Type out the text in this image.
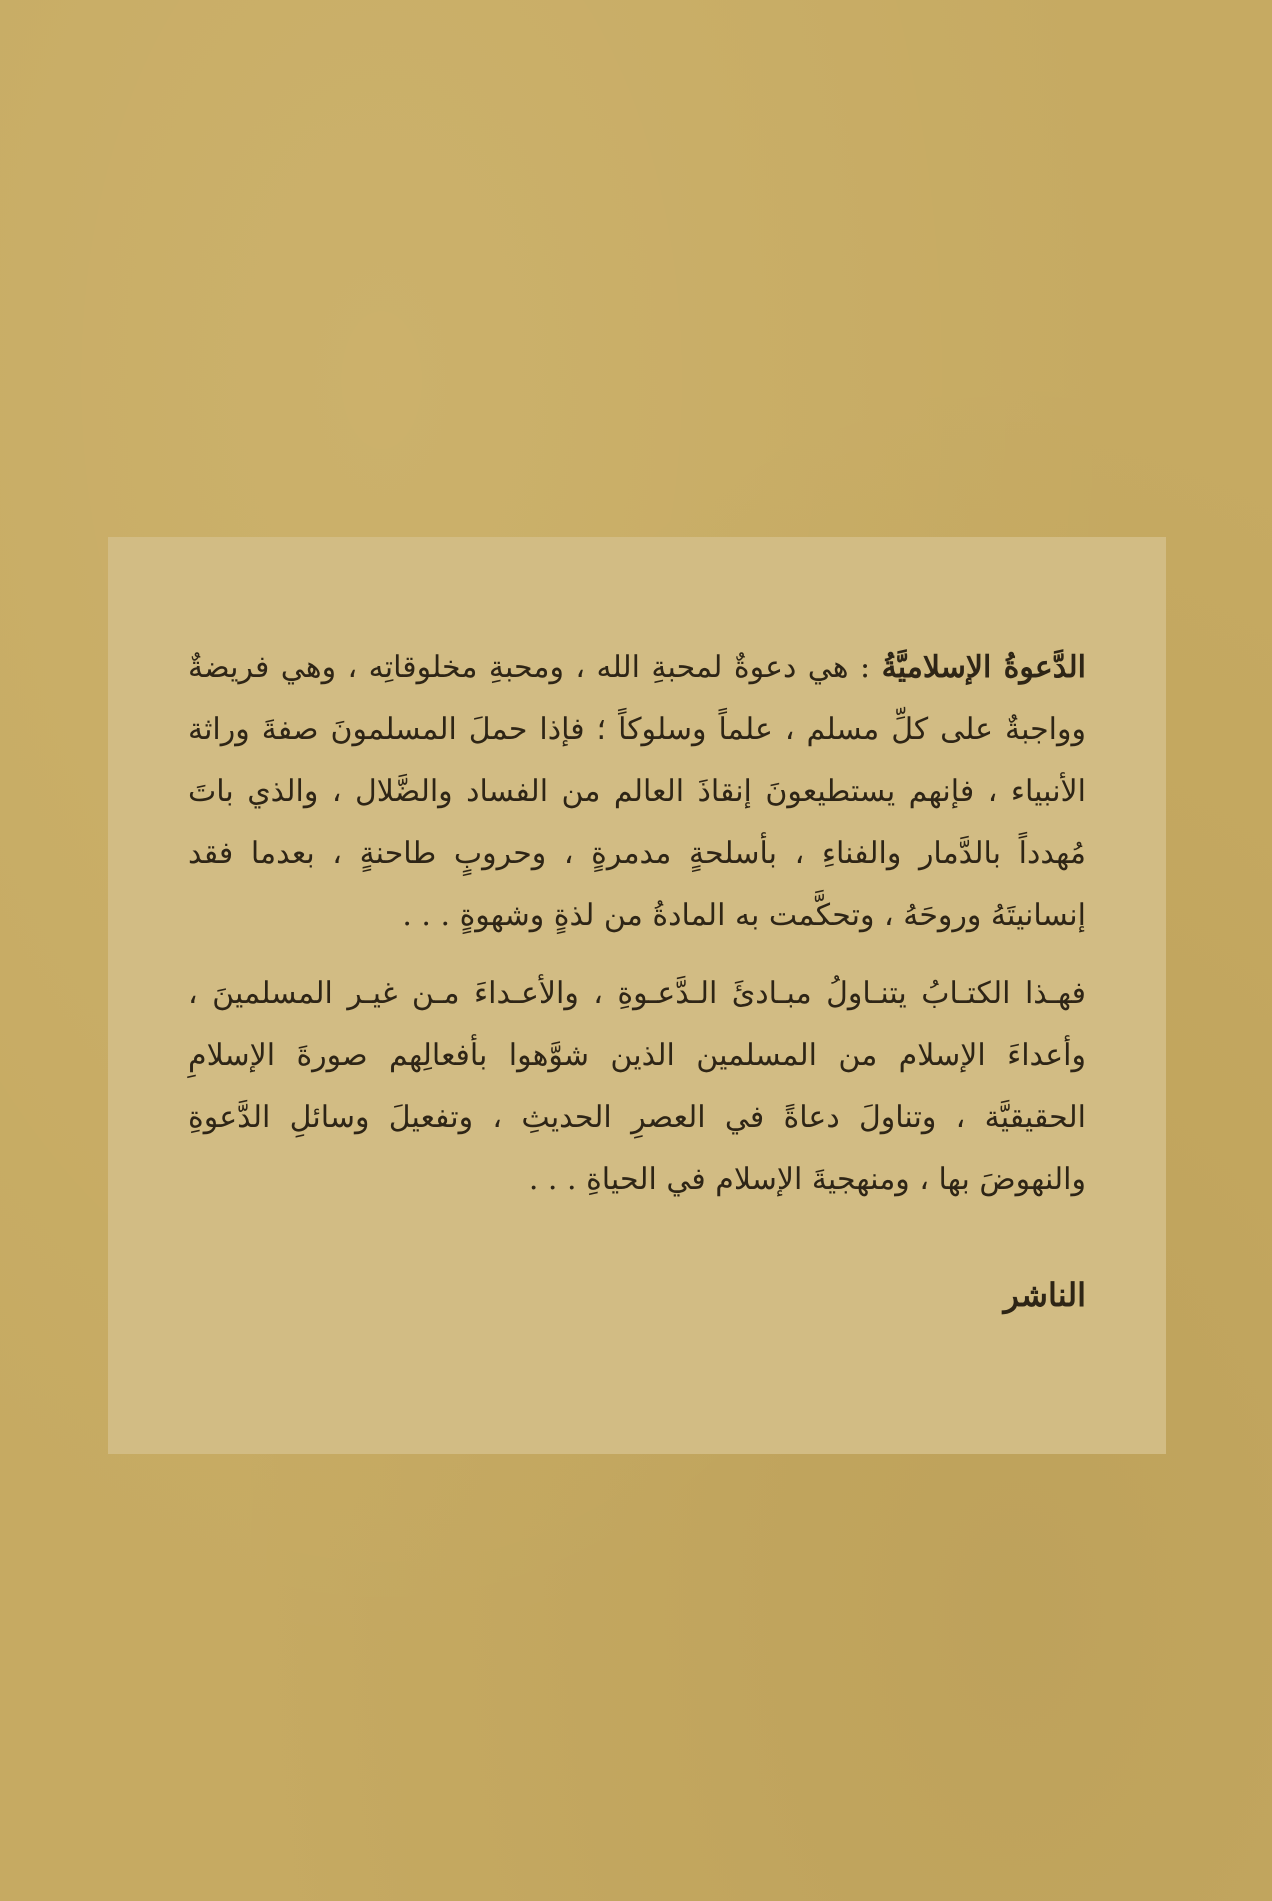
الدَّعوةُ الإسلاميَّةُ : هي دعوةٌ لمحبةِ الله ، ومحبةِ مخلوقاتِه ، وهي فريضةٌ وواجبةٌ على كلِّ مسلم ، علماً وسلوكاً ؛ فإذا حملَ المسلمونَ صفةَ وراثة الأنبياء ، فإنهم يستطيعونَ إنقاذَ العالم من الفساد والضَّلال ، والذي باتَ مُهدداً بالدَّمار والفناءِ ، بأسلحةٍ مدمرةٍ ، وحروبٍ طاحنةٍ ، بعدما فقد إنسانيتَهُ وروحَهُ ، وتحكَّمت به المادةُ من لذةٍ وشهوةٍ . . .

فهـذا الكتـابُ يتنـاولُ مبـادئَ الـدَّعـوةِ ، والأعـداءَ مـن غيـر المسلمينَ ، وأعداءَ الإسلام من المسلمين الذين شوَّهوا بأفعالِهم صورةَ الإسلامِ الحقيقيَّة ، وتناولَ دعاةً في العصرِ الحديثِ ، وتفعيلَ وسائلِ الدَّعوةِ والنهوضَ بها ، ومنهجيةَ الإسلام في الحياةِ . . .

الناشر
